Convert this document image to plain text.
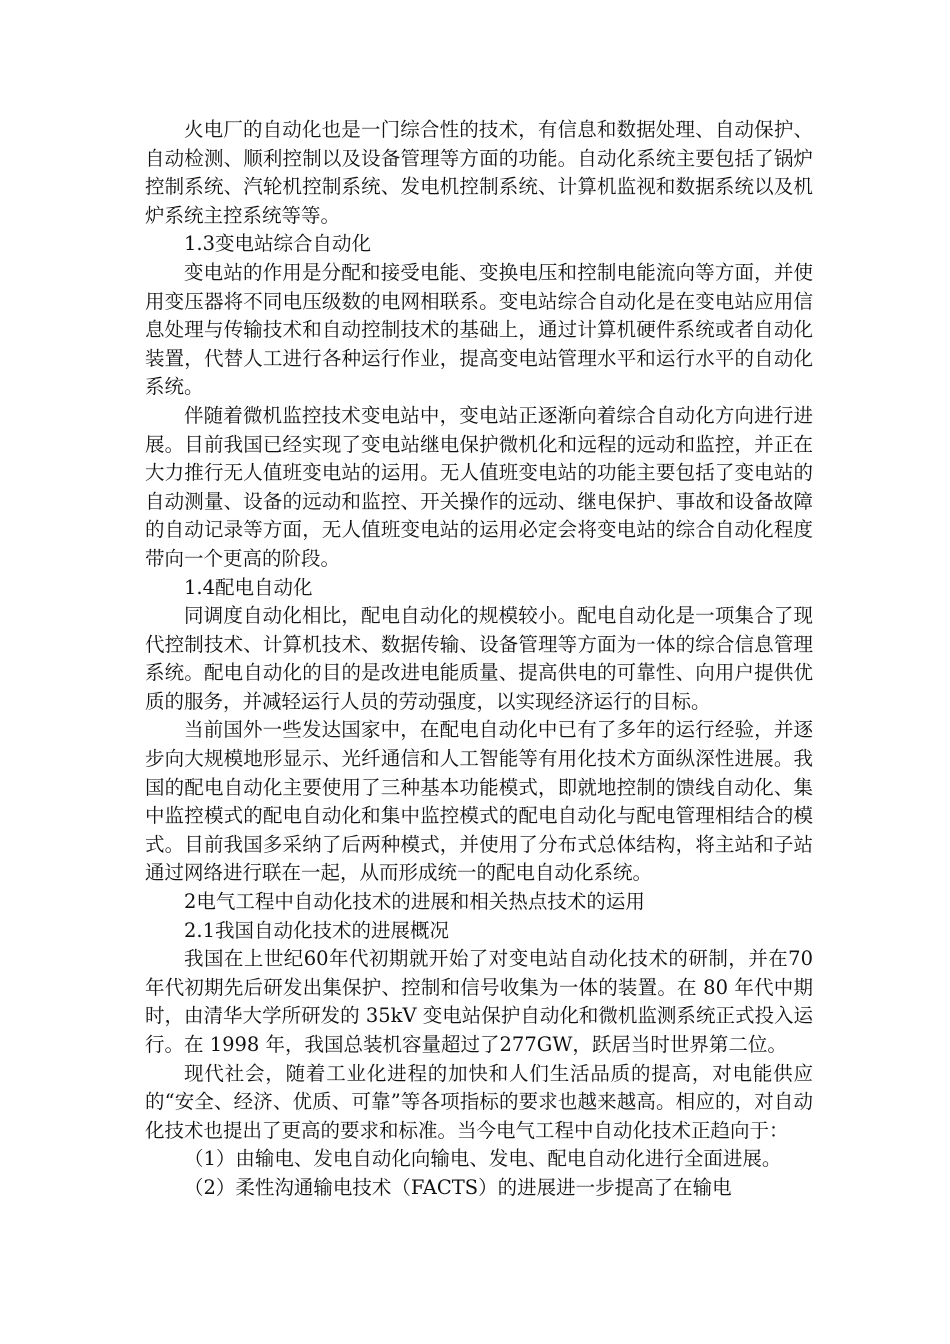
火电厂的自动化也是一门综合性的技术，有信息和数据处理、自动保护、自动检测、顺利控制以及设备管理等方面的功能。自动化系统主要包括了锅炉控制系统、汽轮机控制系统、发电机控制系统、计算机监视和数据系统以及机炉系统主控系统等等。

1.3变电站综合自动化

变电站的作用是分配和接受电能、变换电压和控制电能流向等方面，并使用变压器将不同电压级数的电网相联系。变电站综合自动化是在变电站应用信息处理与传输技术和自动控制技术的基础上，通过计算机硬件系统或者自动化装置，代替人工进行各种运行作业，提高变电站管理水平和运行水平的自动化系统。

伴随着微机监控技术变电站中，变电站正逐渐向着综合自动化方向进行进展。目前我国已经实现了变电站继电保护微机化和远程的远动和监控，并正在大力推行无人值班变电站的运用。无人值班变电站的功能主要包括了变电站的自动测量、设备的远动和监控、开关操作的远动、继电保护、事故和设备故障的自动记录等方面，无人值班变电站的运用必定会将变电站的综合自动化程度带向一个更高的阶段。

1.4配电自动化

同调度自动化相比，配电自动化的规模较小。配电自动化是一项集合了现代控制技术、计算机技术、数据传输、设备管理等方面为一体的综合信息管理系统。配电自动化的目的是改进电能质量、提高供电的可靠性、向用户提供优质的服务，并减轻运行人员的劳动强度，以实现经济运行的目标。

当前国外一些发达国家中，在配电自动化中已有了多年的运行经验，并逐步向大规模地形显示、光纤通信和人工智能等有用化技术方面纵深性进展。我国的配电自动化主要使用了三种基本功能模式，即就地控制的馈线自动化、集中监控模式的配电自动化和集中监控模式的配电自动化与配电管理相结合的模式。目前我国多采纳了后两种模式，并使用了分布式总体结构，将主站和子站通过网络进行联在一起，从而形成统一的配电自动化系统。

2电气工程中自动化技术的进展和相关热点技术的运用

2.1我国自动化技术的进展概况

我国在上世纪60年代初期就开始了对变电站自动化技术的研制，并在70年代初期先后研发出集保护、控制和信号收集为一体的装置。在 80 年代中期时，由清华大学所研发的 35kV 变电站保护自动化和微机监测系统正式投入运行。在 1998 年，我国总装机容量超过了277GW，跃居当时世界第二位。

现代社会，随着工业化进程的加快和人们生活品质的提高，对电能供应的“安全、经济、优质、可靠”等各项指标的要求也越来越高。相应的，对自动化技术也提出了更高的要求和标准。当今电气工程中自动化技术正趋向于：

（1）由输电、发电自动化向输电、发电、配电自动化进行全面进展。

（2）柔性沟通输电技术（FACTS）的进展进一步提高了在输电
